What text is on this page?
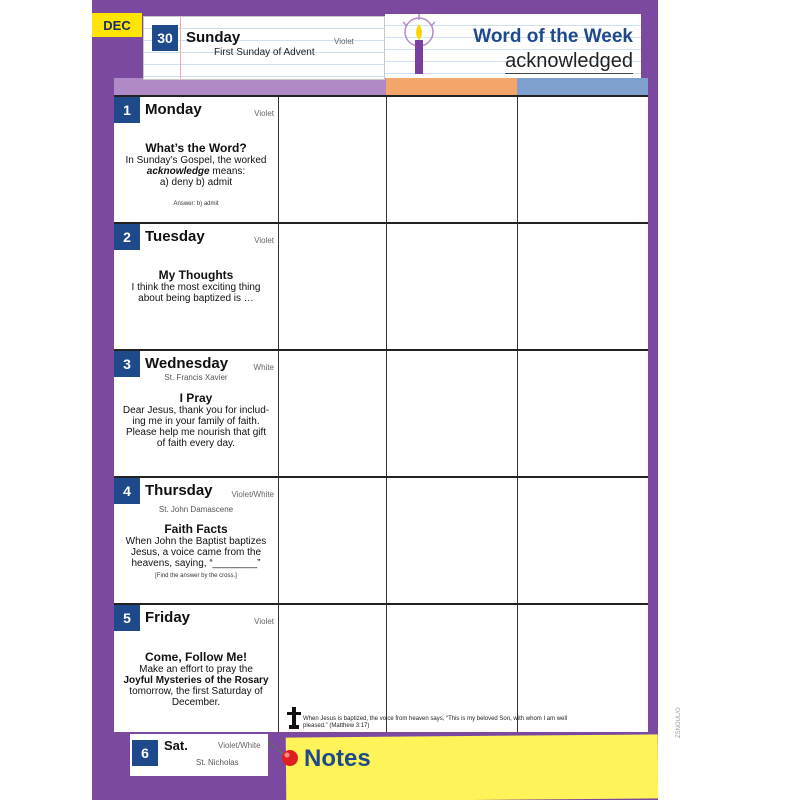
DEC
30 Sunday	Violet
First Sunday of Advent
Word of the Week
acknowledged
1 Monday	Violet
What’s the Word?
In Sunday’s Gospel, the worked
acknowledge means:
a) deny b) admit
Answer: b) admit
2 Tuesday	Violet
My Thoughts
I think the most exciting thing
about being baptized is …
3 Wednesday	White
St. Francis Xavier
I Pray
Dear Jesus, thank you for includ-
ing me in your family of faith.
Please help me nourish that gift
of faith every day.
4 Thursday Violet/White
St. John Damascene
Faith Facts
When John the Baptist baptizes
Jesus, a voice came from the
heavens, saying, “________”
[Find the answer by the cross.]
5 Friday	Violet
Come, Follow Me!
Make an effort to pray the
Joyful Mysteries of the Rosary
tomorrow, the first Saturday of
December.
When Jesus is baptized, the voice from heaven says, “This is my beloved Son, with whom I am well pleased.” (Matthew 3:17)
6	Sat.	Violet/White
St. Nicholas	Notes
ZSNOUL/O
